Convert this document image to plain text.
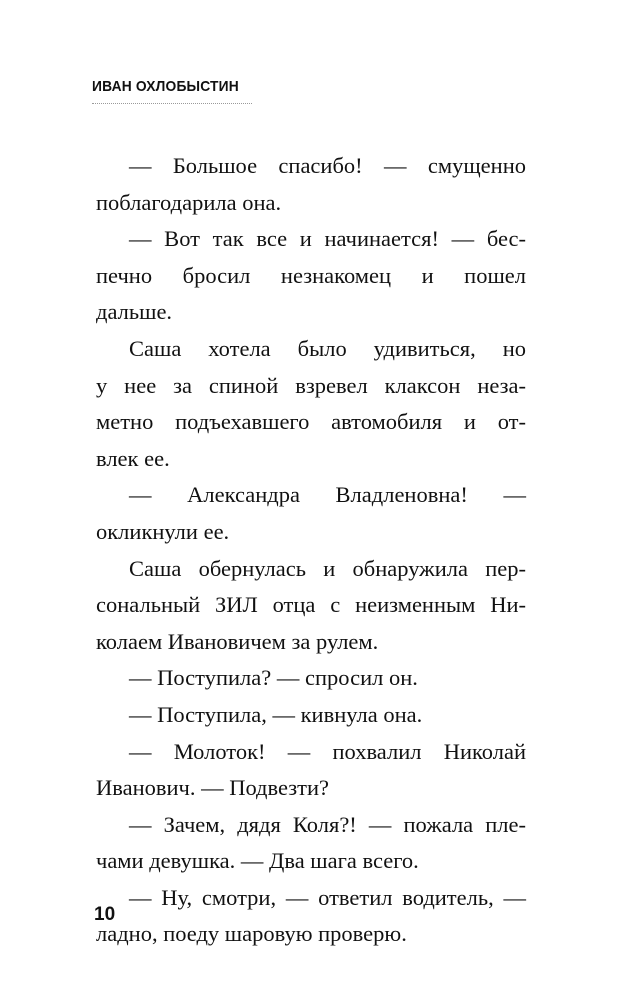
ИВАН ОХЛОБЫСТИН
— Большое спасибо! — смущенно
поблагодарила она.
— Вот так все и начинается! — бес-
печно бросил незнакомец и пошел
дальше.
Саша хотела было удивиться, но
у нее за спиной взревел клаксон неза-
метно подъехавшего автомобиля и от-
влек ее.
— Александра Владленовна! —
окликнули ее.
Саша обернулась и обнаружила пер-
сональный ЗИЛ отца с неизменным Ни-
колаем Ивановичем за рулем.
— Поступила? — спросил он.
— Поступила, — кивнула она.
— Молоток! — похвалил Николай
Иванович. — Подвезти?
— Зачем, дядя Коля?! — пожала пле-
чами девушка. — Два шага всего.
— Ну, смотри, — ответил водитель, —
ладно, поеду шаровую проверю.
10
